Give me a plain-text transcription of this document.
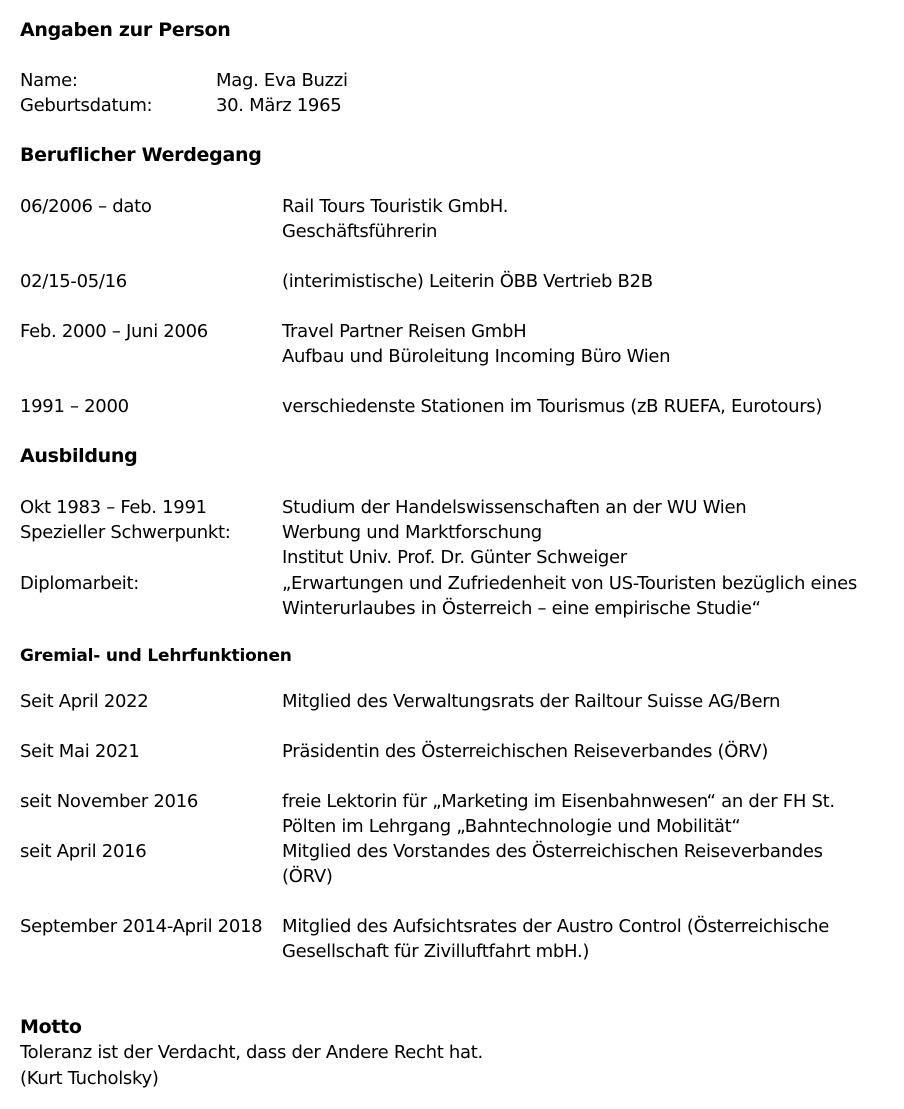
Angaben zur Person
Name:	Mag. Eva Buzzi
Geburtsdatum:	30. März 1965
Beruflicher Werdegang
06/2006 – dato	Rail Tours Touristik GmbH.
Geschäftsführerin
02/15-05/16	(interimistische) Leiterin ÖBB Vertrieb B2B
Feb. 2000 – Juni 2006	Travel Partner Reisen GmbH
Aufbau und Büroleitung Incoming Büro Wien
1991 – 2000	verschiedenste Stationen im Tourismus (zB RUEFA, Eurotours)
Ausbildung
Okt 1983 – Feb. 1991	Studium der Handelswissenschaften an der WU Wien
Spezieller Schwerpunkt:	Werbung und Marktforschung
Institut Univ. Prof. Dr. Günter Schweiger
Diplomarbeit:	„Erwartungen und Zufriedenheit von US-Touristen bezüglich eines
Winterurlaubes in Österreich – eine empirische Studie“
Gremial- und Lehrfunktionen
Seit April 2022	Mitglied des Verwaltungsrats der Railtour Suisse AG/Bern
Seit Mai 2021	Präsidentin des Österreichischen Reiseverbandes (ÖRV)
seit November 2016	freie Lektorin für „Marketing im Eisenbahnwesen“ an der FH St.
Pölten im Lehrgang „Bahntechnologie und Mobilität“
seit April 2016	Mitglied des Vorstandes des Österreichischen Reiseverbandes
(ÖRV)
September 2014-April 2018 Mitglied des Aufsichtsrates der Austro Control (Österreichische
Gesellschaft für Zivilluftfahrt mbH.)
Motto
Toleranz ist der Verdacht, dass der Andere Recht hat.
(Kurt Tucholsky)
